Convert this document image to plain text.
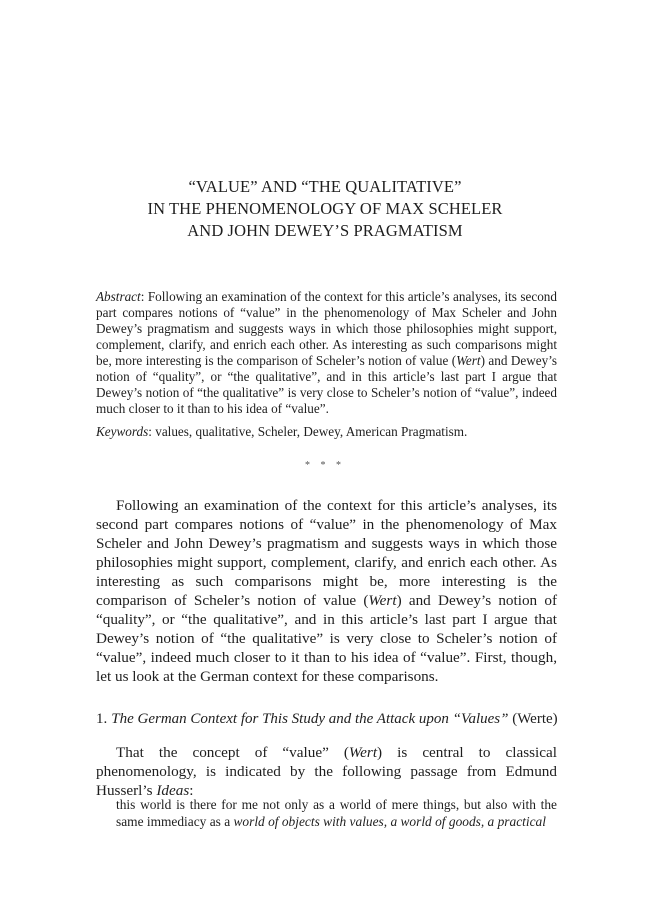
“VALUE” AND “THE QUALITATIVE”
IN THE PHENOMENOLOGY OF MAX SCHELER
AND JOHN DEWEY’S PRAGMATISM

Abstract: Following an examination of the context for this article’s analyses, its second part compares notions of “value” in the phenomenology of Max Scheler and John Dewey’s pragmatism and suggests ways in which those philosophies might support, complement, clarify, and enrich each other. As interesting as such comparisons might be, more interesting is the comparison of Scheler’s notion of value (Wert) and Dewey’s notion of “quality”, or “the qualitative”, and in this article’s last part I argue that Dewey’s notion of “the qualitative” is very close to Scheler’s notion of “value”, indeed much closer to it than to his idea of “value”.

Keywords: values, qualitative, Scheler, Dewey, American Pragmatism.

* * *

Following an examination of the context for this article’s analyses, its second part compares notions of “value” in the phenomenology of Max Scheler and John Dewey’s pragmatism and suggests ways in which those philosophies might support, complement, clarify, and enrich each other. As interesting as such comparisons might be, more interesting is the comparison of Scheler’s notion of value (Wert) and Dewey’s notion of “quality”, or “the qualitative”, and in this article’s last part I argue that Dewey’s notion of “the qualitative” is very close to Scheler’s notion of “value”, indeed much closer to it than to his idea of “value”. First, though, let us look at the German context for these comparisons.

1. The German Context for This Study and the Attack upon “Values” (Werte)

That the concept of “value” (Wert) is central to classical phenomenology, is indicated by the following passage from Edmund Husserl’s Ideas:

this world is there for me not only as a world of mere things, but also with the same immediacy as a world of objects with values, a world of goods, a practical
